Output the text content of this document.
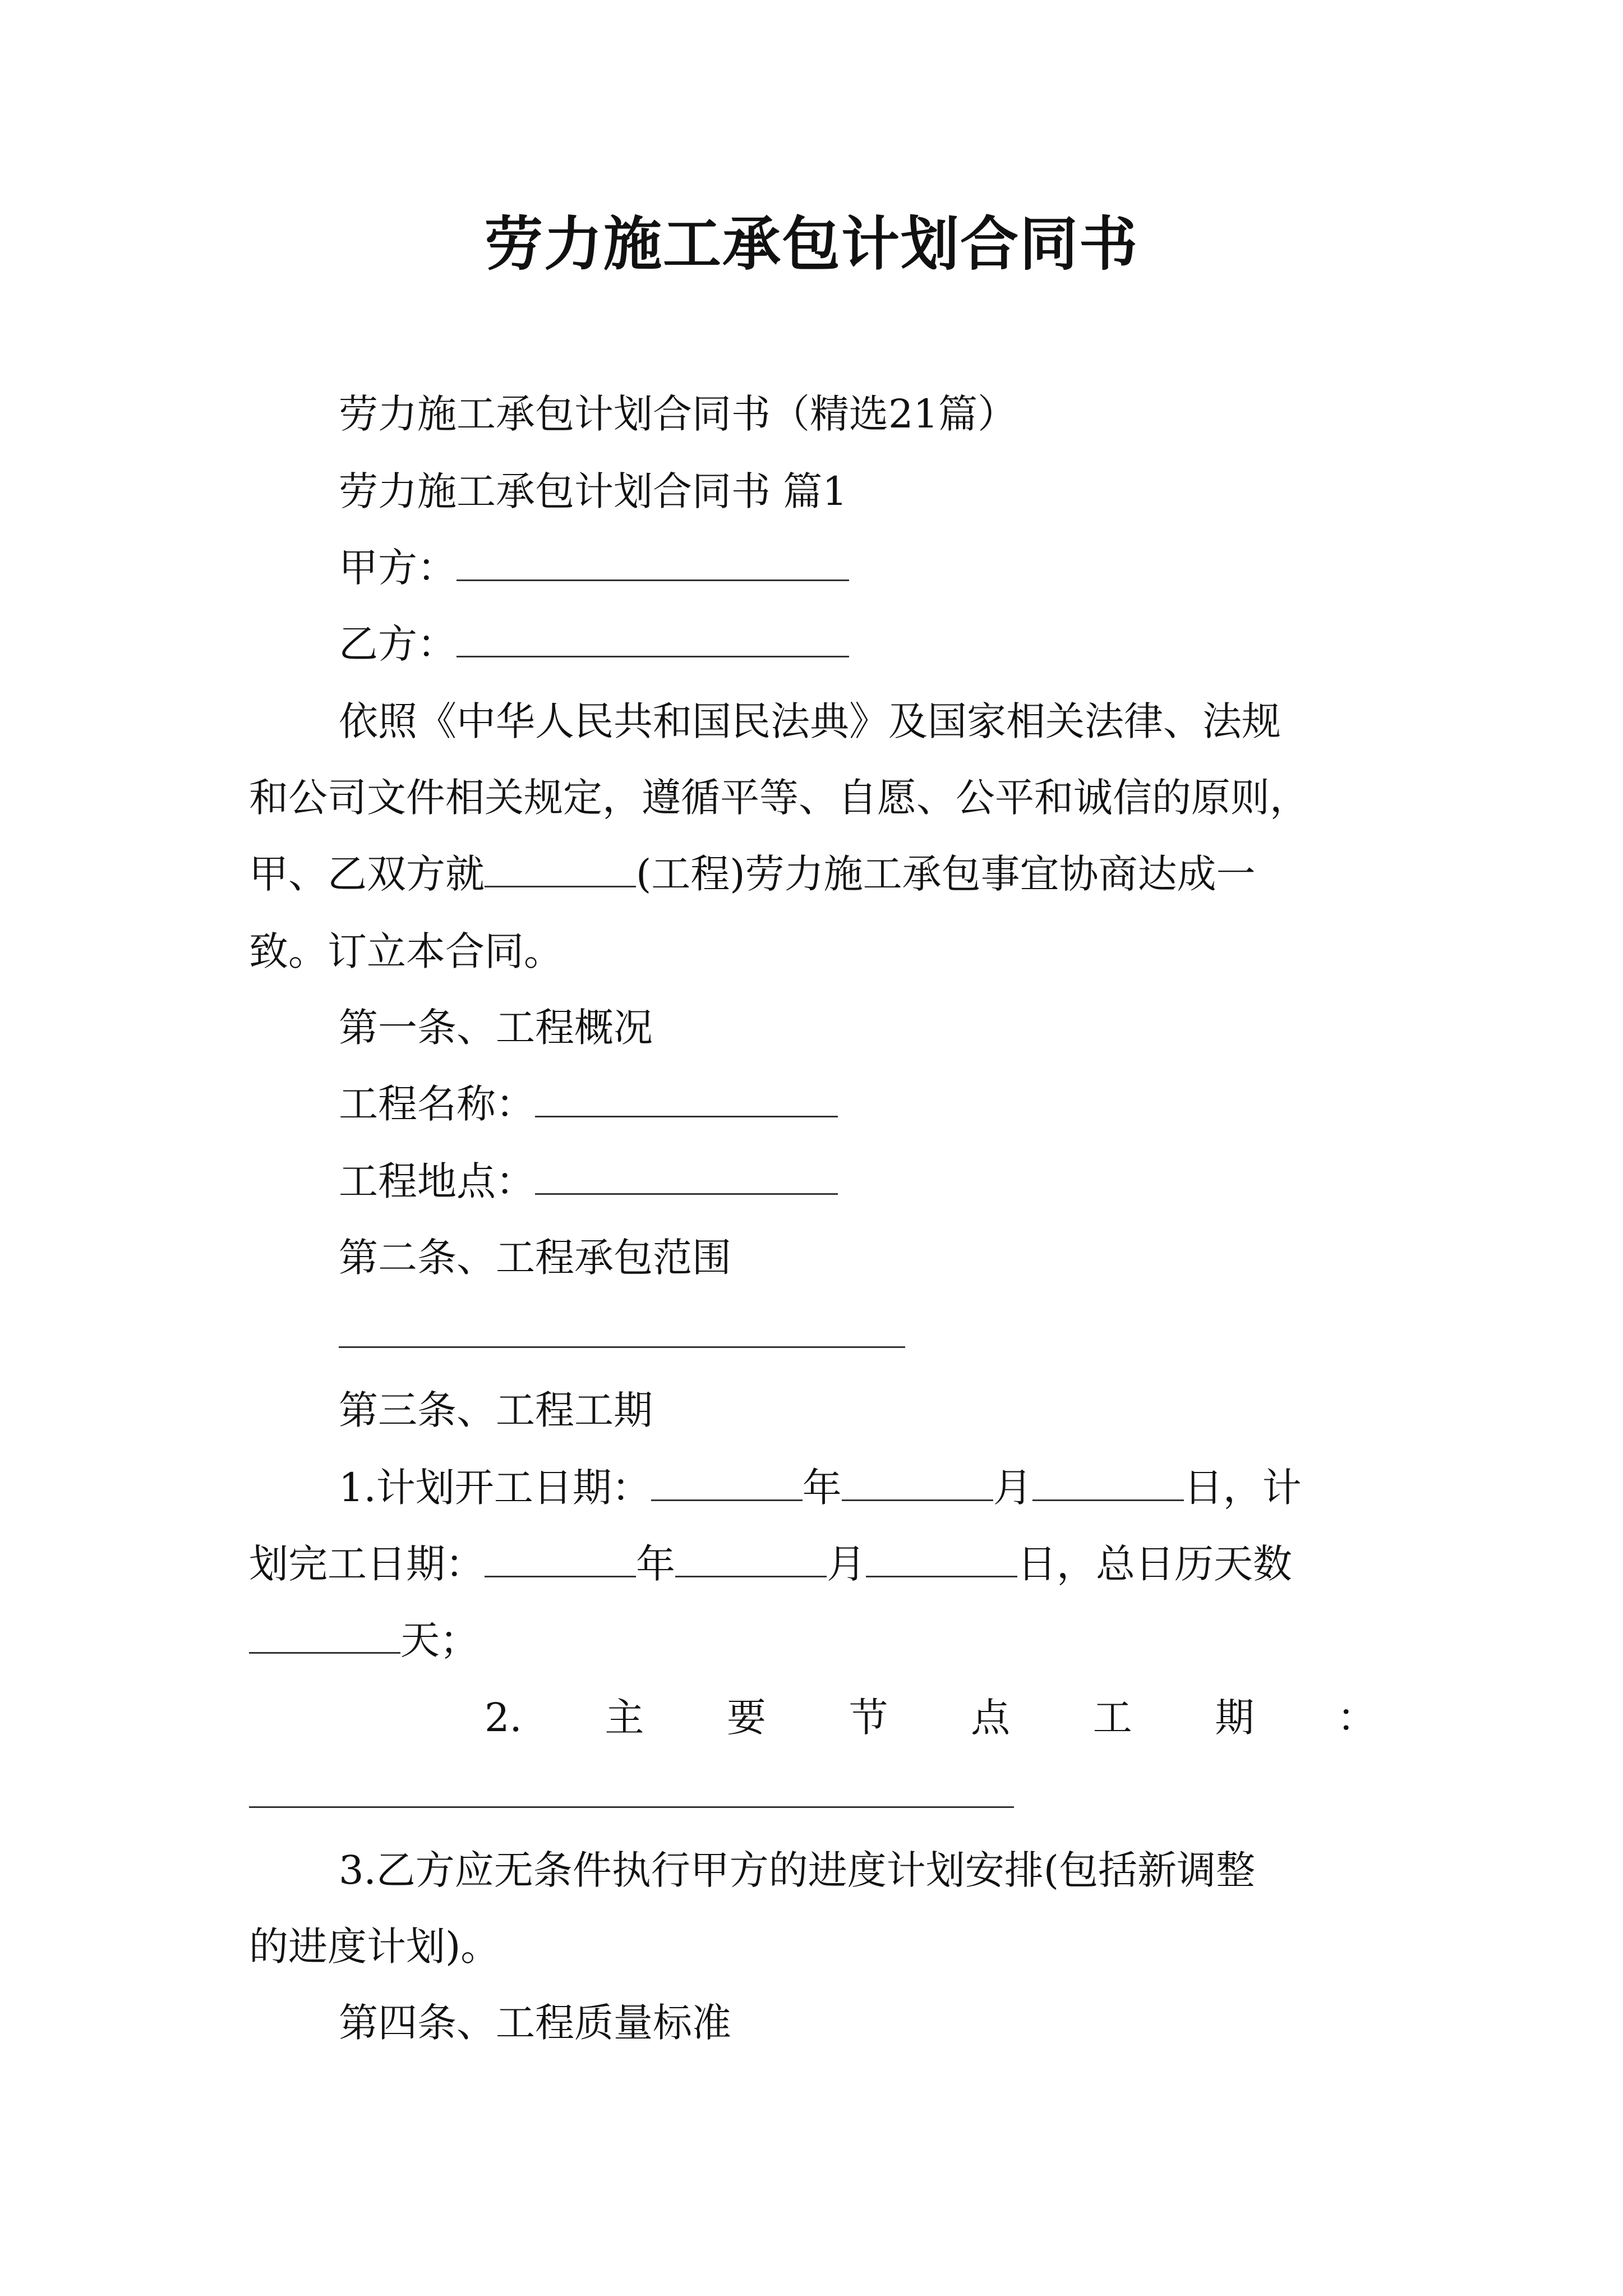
劳力施工承包计划合同书
劳力施工承包计划合同书（精选21篇）
劳力施工承包计划合同书 篇1
甲方：
乙方：
依照《中华人民共和国民法典》及国家相关法律、法规
和公司文件相关规定，遵循平等、自愿、公平和诚信的原则，
甲、乙双方就	(工程)劳力施工承包事宜协商达成一
致。订立本合同。
第一条、工程概况
工程名称：
工程地点：
第二条、工程承包范围
第三条、工程工期
1.计划开工日期：	年	月	日，计
划完工日期：	年	月	日，总日历天数
天；
2. 主 要 节 点 工 期 ：
3.乙方应无条件执行甲方的进度计划安排(包括新调整
的进度计划)。
第四条、工程质量标准
